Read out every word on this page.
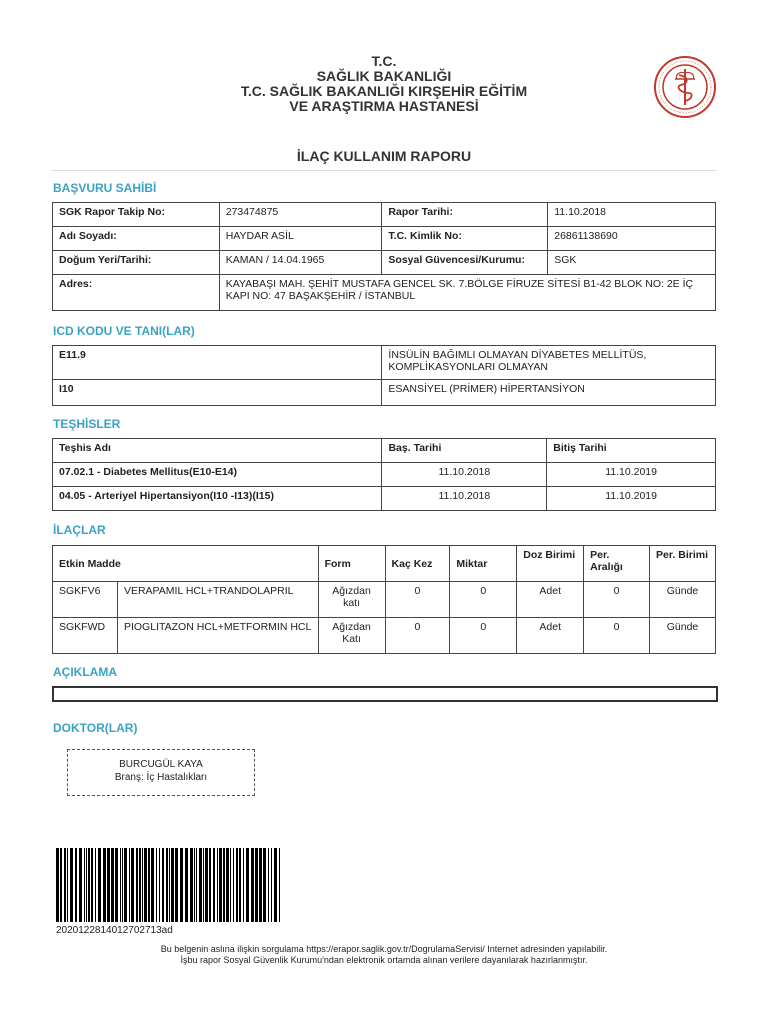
T.C.
SAĞLIK BAKANLIĞI
T.C. SAĞLIK BAKANLIĞI KIRŞEHİR EĞİTİM
VE ARAŞTIRMA HASTANESİ
İLAÇ KULLANIM RAPORU
BAŞVURU SAHİBİ
SGK Rapor Takip No:	273474875	Rapor Tarihi:	11.10.2018
Adı Soyadı:	HAYDAR ASİL	T.C. Kimlik No:	26861138690
Doğum Yeri/Tarihi:	KAMAN / 14.04.1965	Sosyal Güvencesi/Kurumu:	SGK
Adres:	KAYABAŞI MAH. ŞEHİT MUSTAFA GENCEL SK. 7.BÖLGE FİRUZE SİTESİ B1-42 BLOK NO: 2E İÇ KAPI NO: 47 BAŞAKŞEHİR / İSTANBUL		
ICD KODU VE TANI(LAR)
E11.9	İNSÜLİN BAĞIMLI OLMAYAN DİYABETES MELLİTÜS, KOMPLİKASYONLARI OLMAYAN
I10	ESANSİYEL (PRİMER) HİPERTANSİYON
TEŞHİSLER
Teşhis Adı	Baş. Tarihi	Bitiş Tarihi
07.02.1 - Diabetes Mellitus(E10-E14)	11.10.2018	11.10.2019
04.05 - Arteriyel Hipertansiyon(I10 -I13)(I15)	11.10.2018	11.10.2019
İLAÇLAR
Etkin Madde		Form	Kaç Kez	Miktar	Doz Birimi	Per. Aralığı	Per. Birimi
SGKFV6	VERAPAMIL HCL+TRANDOLAPRIL	Ağızdan katı	0	0	Adet	0	Günde
SGKFWD	PIOGLITAZON HCL+METFORMIN HCL	Ağızdan Katı	0	0	Adet	0	Günde
AÇIKLAMA
DOKTOR(LAR)
BURCUGÜL KAYA
Branş: İç Hastalıkları
2020122814012702713ad
Bu belgenin aslına ilişkin sorgulama https://erapor.saglik.gov.tr/DogrulamaServisi/ Internet adresinden yapılabilir.
İşbu rapor Sosyal Güvenlik Kurumu'ndan elektronik ortamda alınan verilere dayanılarak hazırlanmıştır.
